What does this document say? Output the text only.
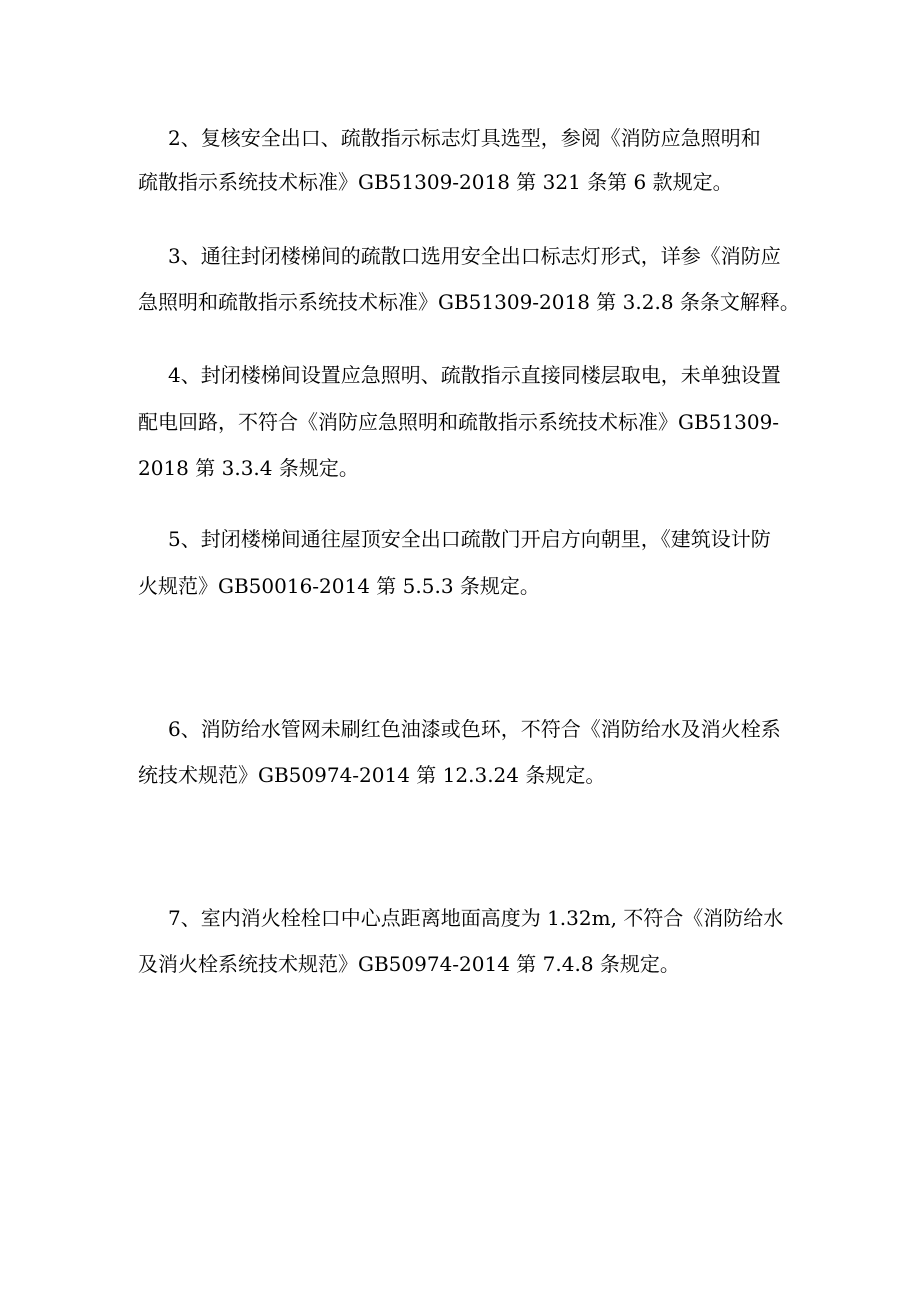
2、复核安全出口、疏散指示标志灯具选型，参阅《消防应急照明和
疏散指示系统技术标准》GB51309-2018 第 321 条第 6 款规定。
3、通往封闭楼梯间的疏散口选用安全出口标志灯形式，详参《消防应
急照明和疏散指示系统技术标准》GB51309-2018 第 3.2.8 条条文解释。
4、封闭楼梯间设置应急照明、疏散指示直接同楼层取电，未单独设置
配电回路，不符合《消防应急照明和疏散指示系统技术标准》GB51309-
2018 第 3.3.4 条规定。
5、封闭楼梯间通往屋顶安全出口疏散门开启方向朝里，《建筑设计防
火规范》GB50016-2014 第 5.5.3 条规定。
6、消防给水管网未刷红色油漆或色环，不符合《消防给水及消火栓系
统技术规范》GB50974-2014 第 12.3.24 条规定。
7、室内消火栓栓口中心点距离地面高度为 1.32m, 不符合《消防给水
及消火栓系统技术规范》GB50974-2014 第 7.4.8 条规定。
